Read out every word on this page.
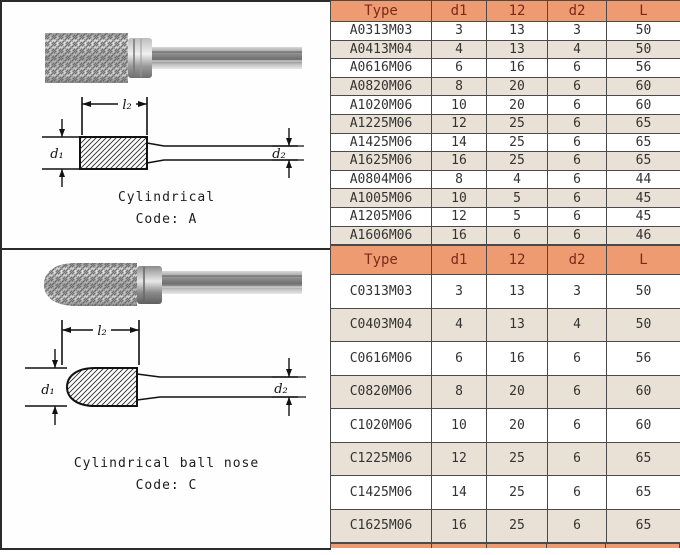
l₂
d₁	d₂
Cylindrical
Code: A
l₂
d₁	d₂
Cylindrical ball nose
Code: C
Type	d1	12	d2	L
A0313M03	3	13	3	50
A0413M04	4	13	4	50
A0616M06	6	16	6	56
A0820M06	8	20	6	60
A1020M06	10	20	6	60
A1225M06	12	25	6	65
A1425M06	14	25	6	65
A1625M06	16	25	6	65
A0804M06	8	4	6	44
A1005M06	10	5	6	45
A1205M06	12	5	6	45
A1606M06	16	6	6	46
Type	d1	12	d2	L
C0313M03	3	13	3	50
C0403M04	4	13	4	50
C0616M06	6	16	6	56
C0820M06	8	20	6	60
C1020M06	10	20	6	60
C1225M06	12	25	6	65
C1425M06	14	25	6	65
C1625M06	16	25	6	65
